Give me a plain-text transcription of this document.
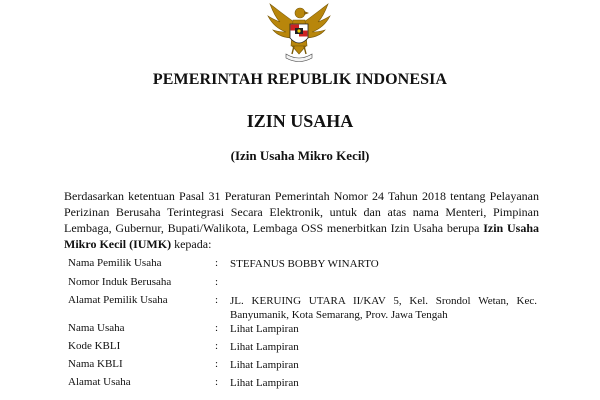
PEMERINTAH REPUBLIK INDONESIA
IZIN USAHA
(Izin Usaha Mikro Kecil)
Berdasarkan ketentuan Pasal 31 Peraturan Pemerintah Nomor 24 Tahun 2018 tentang Pelayanan Perizinan Berusaha Terintegrasi Secara Elektronik, untuk dan atas nama Menteri, Pimpinan Lembaga, Gubernur, Bupati/Walikota, Lembaga OSS menerbitkan Izin Usaha berupa Izin Usaha Mikro Kecil (IUMK) kepada:
Nama Pemilik Usaha	: STEFANUS BOBBY WINARTO
Nomor Induk Berusaha	:
Alamat Pemilik Usaha	: JL. KERUING UTARA II/KAV 5, Kel. Srondol Wetan, Kec. Banyumanik, Kota Semarang, Prov. Jawa Tengah
Nama Usaha	: Lihat Lampiran
Kode KBLI	: Lihat Lampiran
Nama KBLI	: Lihat Lampiran
Alamat Usaha	: Lihat Lampiran
